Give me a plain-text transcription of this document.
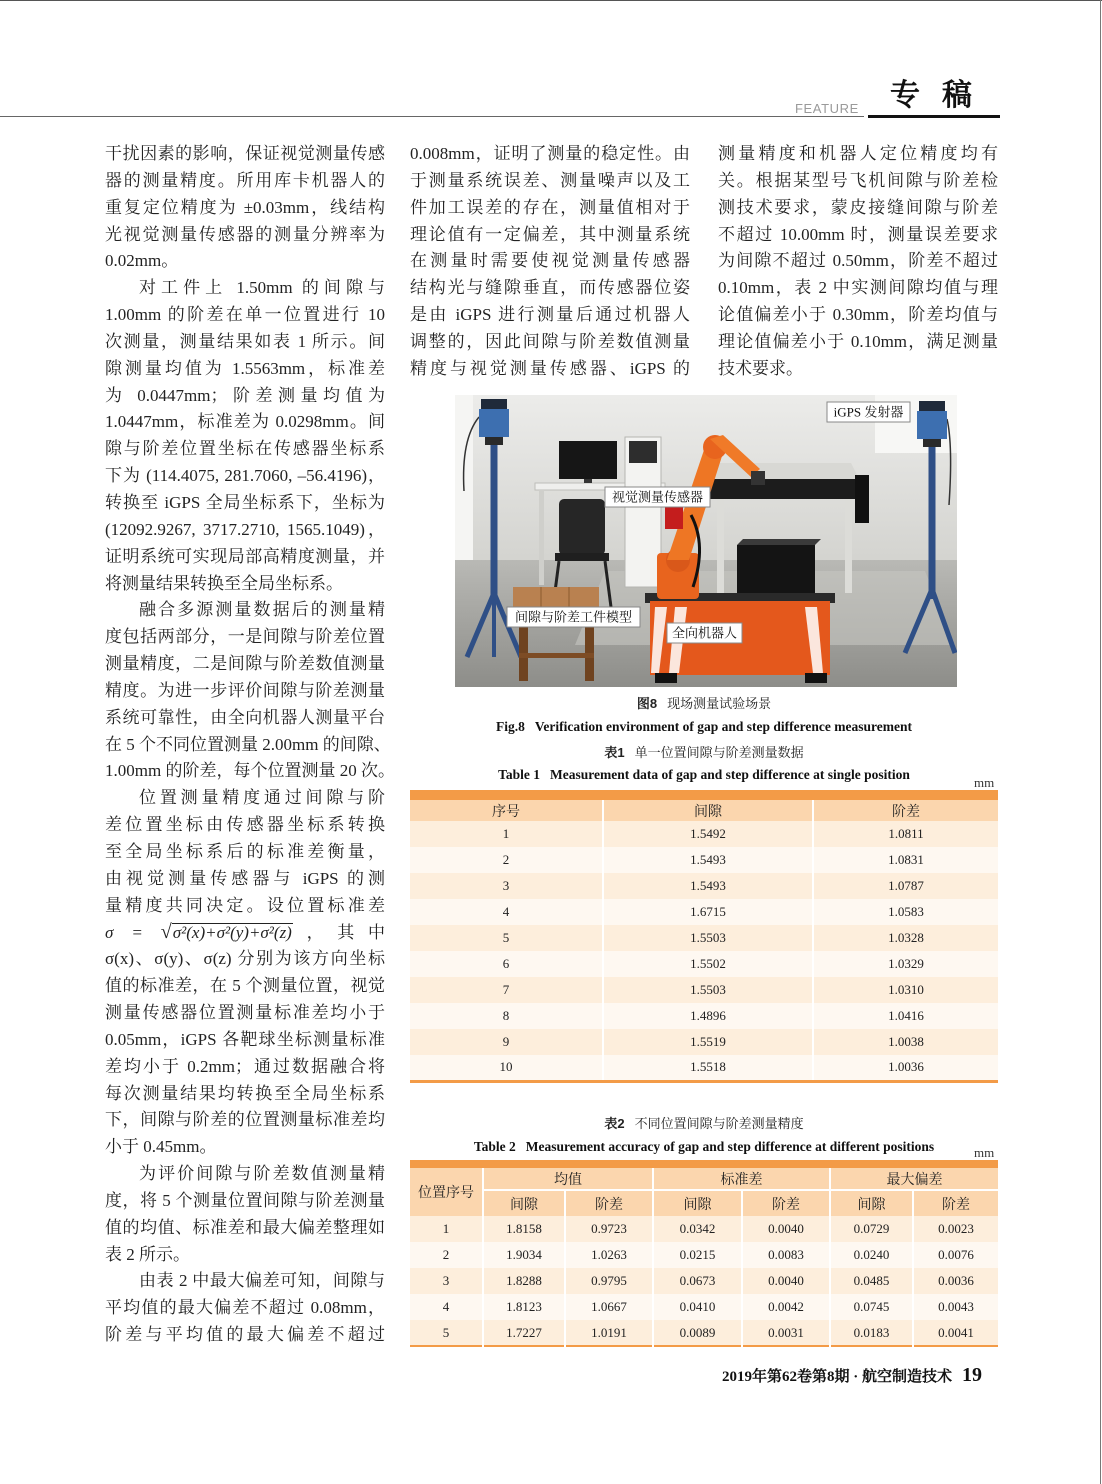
FEATURE 专稿
干扰因素的影响，保证视觉测量传感
器的测量精度。所用库卡机器人的
重复定位精度为 ±0.03mm，线结构
光视觉测量传感器的测量分辨率为
0.02mm。
对工件上 1.50mm 的间隙与
1.00mm 的阶差在单一位置进行 10
次测量，测量结果如表 1 所示。间
隙测量均值为 1.5563mm，标准差
为 0.0447mm；阶差测量均值为
1.0447mm，标准差为 0.0298mm。间
隙与阶差位置坐标在传感器坐标系
下为 (114.4075, 281.7060, –56.4196)，
转换至 iGPS 全局坐标系下，坐标为
(12092.9267, 3717.2710, 1565.1049)，
证明系统可实现局部高精度测量，并
将测量结果转换至全局坐标系。
融合多源测量数据后的测量精
度包括两部分，一是间隙与阶差位置
测量精度，二是间隙与阶差数值测量
精度。为进一步评价间隙与阶差测量
系统可靠性，由全向机器人测量平台
在 5 个不同位置测量 2.00mm 的间隙、
1.00mm 的阶差，每个位置测量 20 次。
位置测量精度通过间隙与阶
差位置坐标由传感器坐标系转换
至全局坐标系后的标准差衡量，
由视觉测量传感器与 iGPS 的测
量精度共同决定。设位置标准差
σ = √σ²(x)+σ²(y)+σ²(z)，其中
σ(x)、σ(y)、σ(z) 分别为该方向坐标
值的标准差，在 5 个测量位置，视觉
测量传感器位置测量标准差均小于
0.05mm，iGPS 各靶球坐标测量标准
差均小于 0.2mm；通过数据融合将
每次测量结果均转换至全局坐标系
下，间隙与阶差的位置测量标准差均
小于 0.45mm。
为评价间隙与阶差数值测量精
度，将 5 个测量位置间隙与阶差测量
值的均值、标准差和最大偏差整理如
表 2 所示。
由表 2 中最大偏差可知，间隙与
平均值的最大偏差不超过 0.08mm，
阶差与平均值的最大偏差不超过
0.008mm，证明了测量的稳定性。由
于测量系统误差、测量噪声以及工
件加工误差的存在，测量值相对于
理论值有一定偏差，其中测量系统
在测量时需要使视觉测量传感器
结构光与缝隙垂直，而传感器位姿
是由 iGPS 进行测量后通过机器人
调整的，因此间隙与阶差数值测量
精度与视觉测量传感器、iGPS 的
测量精度和机器人定位精度均有
关。根据某型号飞机间隙与阶差检
测技术要求，蒙皮接缝间隙与阶差
不超过 10.00mm 时，测量误差要求
为间隙不超过 0.50mm，阶差不超过
0.10mm，表 2 中实测间隙均值与理
论值偏差小于 0.30mm，阶差均值与
理论值偏差小于 0.10mm，满足测量
技术要求。
iGPS 发射器
视觉测量传感器
间隙与阶差工件模型
全向机器人
图8 现场测量试验场景
Fig.8 Verification environment of gap and step difference measurement
表1 单一位置间隙与阶差测量数据
Table 1 Measurement data of gap and step difference at single position
mm
序号	间隙	阶差
1	1.5492	1.0811
2	1.5493	1.0831
3	1.5493	1.0787
4	1.6715	1.0583
5	1.5503	1.0328
6	1.5502	1.0329
7	1.5503	1.0310
8	1.4896	1.0416
9	1.5519	1.0038
10	1.5518	1.0036
表2 不同位置间隙与阶差测量精度
Table 2 Measurement accuracy of gap and step difference at different positions	mm
位置序号	均值		标准差		最大偏差	
	间隙	阶差	间隙	阶差	间隙	阶差
1	1.8158	0.9723	0.0342	0.0040	0.0729	0.0023
2	1.9034	1.0263	0.0215	0.0083	0.0240	0.0076
3	1.8288	0.9795	0.0673	0.0040	0.0485	0.0036
4	1.8123	1.0667	0.0410	0.0042	0.0745	0.0043
5	1.7227	1.0191	0.0089	0.0031	0.0183	0.0041
2019年第62卷第8期 · 航空制造技术 19
